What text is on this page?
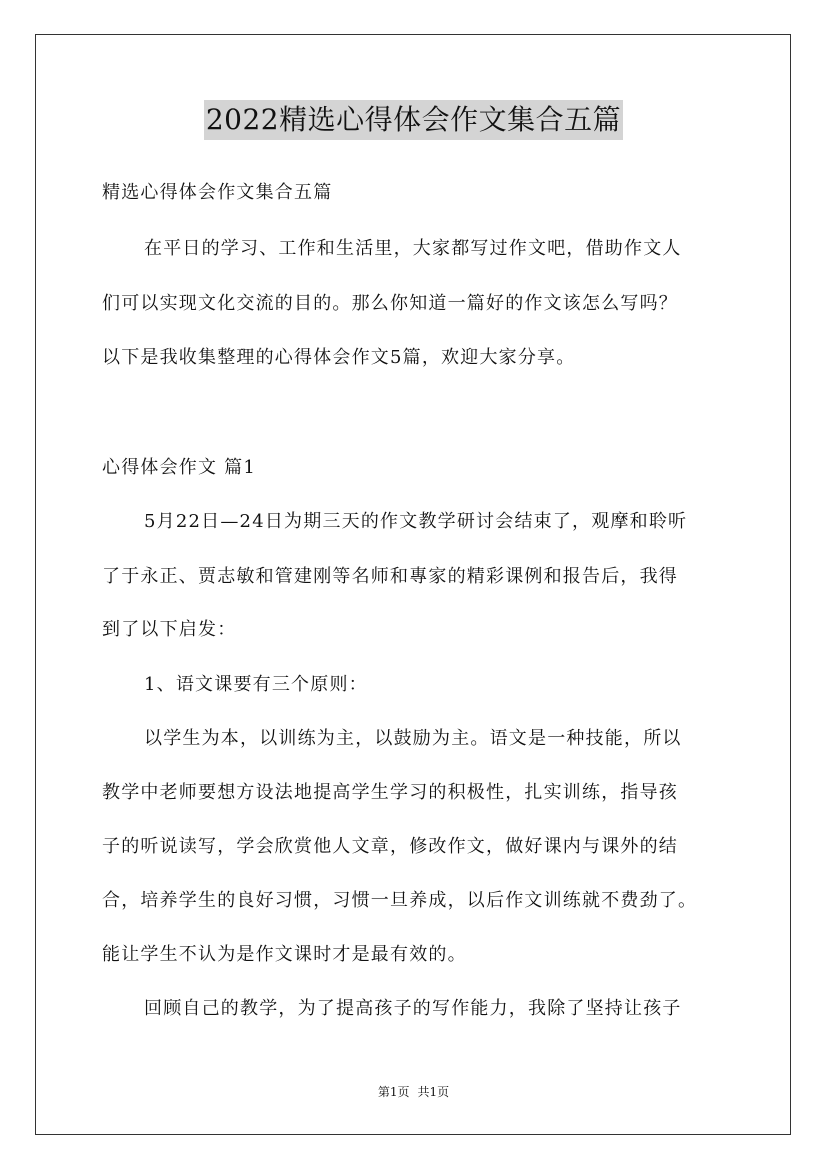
2022精选心得体会作文集合五篇
精选心得体会作文集合五篇
在平日的学习、工作和生活里，大家都写过作文吧，借助作文人
们可以实现文化交流的目的。那么你知道一篇好的作文该怎么写吗？
以下是我收集整理的心得体会作文5篇，欢迎大家分享。
心得体会作文 篇1
5月22日—24日为期三天的作文教学研讨会结束了，观摩和聆听
了于永正、贾志敏和管建刚等名师和專家的精彩课例和报告后，我得
到了以下启发：
1、语文课要有三个原则：
以学生为本，以训练为主，以鼓励为主。语文是一种技能，所以
教学中老师要想方设法地提高学生学习的积极性，扎实训练，指导孩
子的听说读写，学会欣赏他人文章，修改作文，做好课内与课外的结
合，培养学生的良好习惯，习惯一旦养成，以后作文训练就不费劲了。
能让学生不认为是作文课时才是最有效的。
回顾自己的教学，为了提高孩子的写作能力，我除了坚持让孩子
第1页 共1页
